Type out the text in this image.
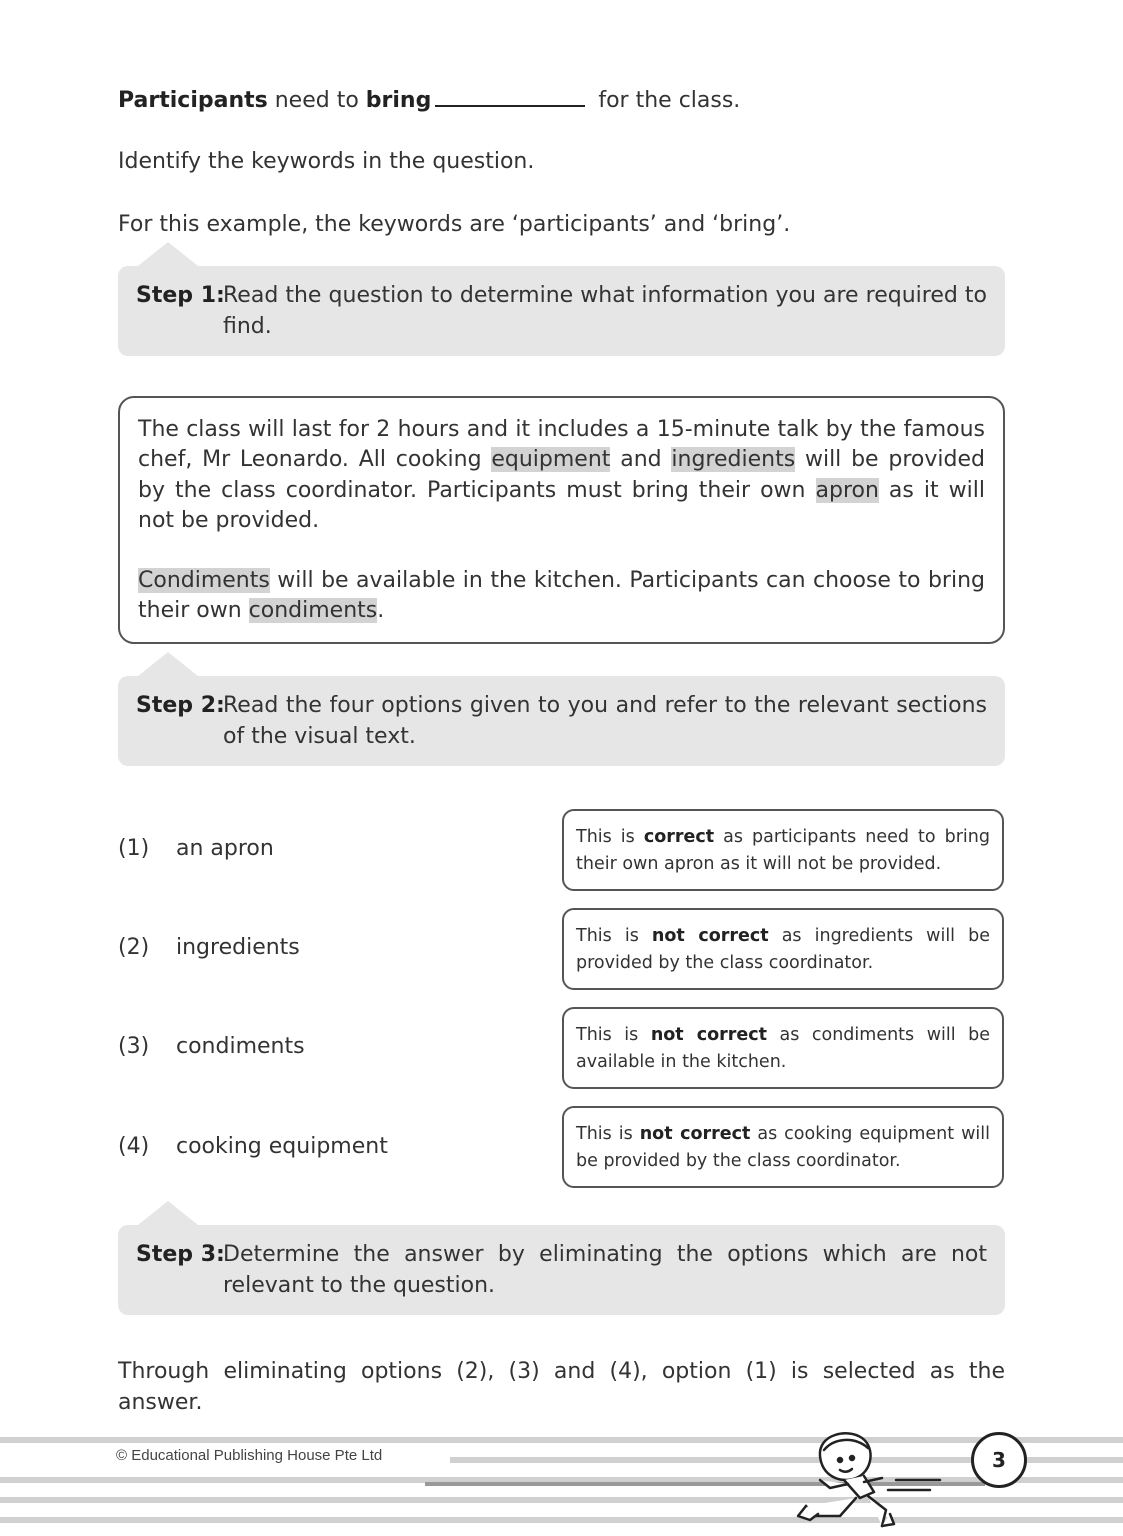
Participants need to bring	for the class.
Identify the keywords in the question.
For this example, the keywords are ‘participants’ and ‘bring’.
Step 1:
Read the question to determine what information you are required to find.

The class will last for 2 hours and it includes a 15-minute talk by the famous chef, Mr Leonardo. All cooking equipment and ingredients will be provided by the class coordinator. Participants must bring their own apron as it will not be provided.

Condiments will be available in the kitchen. Participants can choose to bring their own condiments.

Step 2:
Read the four options given to you and refer to the relevant sections of the visual text.
(1) an apron	This is correct as participants need to bring their own apron as it will not be provided.
(2) ingredients	This is not correct as ingredients will be provided by the class coordinator.
(3) condiments	This is not correct as condiments will be available in the kitchen.
(4) cooking equipment	This is not correct as cooking equipment will be provided by the class coordinator.
Step 3:
Determine the answer by eliminating the options which are not relevant to the question.
Through eliminating options (2), (3) and (4), option (1) is selected as the answer.
© Educational Publishing House Pte Ltd	3
